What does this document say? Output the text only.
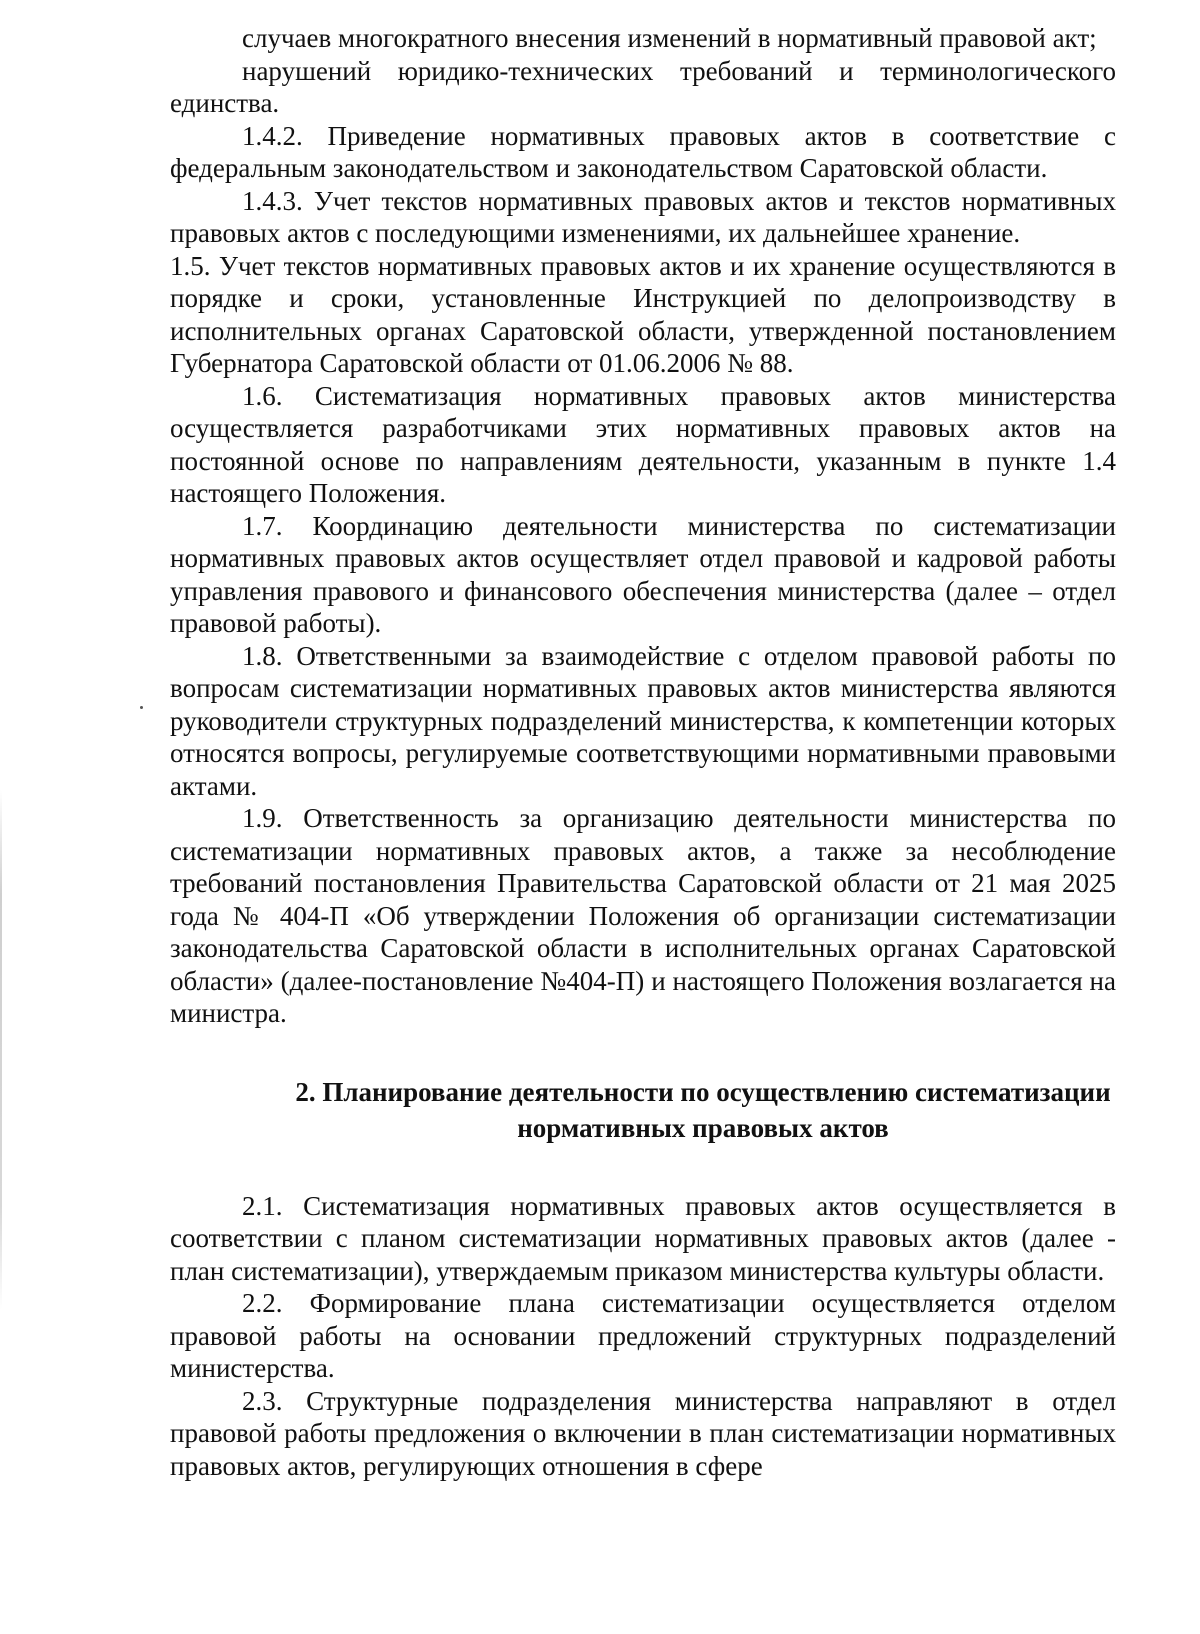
случаев многократного внесения изменений в нормативный правовой акт;

нарушений юридико-технических требований и терминологического единства.

1.4.2. Приведение нормативных правовых актов в соответствие с федеральным законодательством и законодательством Саратовской области.

1.4.3. Учет текстов нормативных правовых актов и текстов нормативных правовых актов с последующими изменениями, их дальнейшее хранение.

1.5. Учет текстов нормативных правовых актов и их хранение осуществляются в порядке и сроки, установленные Инструкцией по делопроизводству в исполнительных органах Саратовской области, утвержденной постановлением Губернатора Саратовской области от 01.06.2006 № 88.

1.6. Систематизация нормативных правовых актов министерства осуществляется разработчиками этих нормативных правовых актов на постоянной основе по направлениям деятельности, указанным в пункте 1.4 настоящего Положения.

1.7. Координацию деятельности министерства по систематизации нормативных правовых актов осуществляет отдел правовой и кадровой работы управления правового и финансового обеспечения министерства (далее – отдел правовой работы).

1.8. Ответственными за взаимодействие с отделом правовой работы по вопросам систематизации нормативных правовых актов министерства являются руководители структурных подразделений министерства, к компетенции которых относятся вопросы, регулируемые соответствующими нормативными правовыми актами.

1.9. Ответственность за организацию деятельности министерства по систематизации нормативных правовых актов, а также за несоблюдение требований постановления Правительства Саратовской области от 21 мая 2025 года № 404-П «Об утверждении Положения об организации систематизации законодательства Саратовской области в исполнительных органах Саратовской области» (далее-постановление №404-П) и настоящего Положения возлагается на министра.

2. Планирование деятельности по осуществлению систематизации
нормативных правовых актов

2.1. Систематизация нормативных правовых актов осуществляется в соответствии с планом систематизации нормативных правовых актов (далее - план систематизации), утверждаемым приказом министерства культуры области.

2.2. Формирование плана систематизации осуществляется отделом правовой работы на основании предложений структурных подразделений министерства.

2.3. Структурные подразделения министерства направляют в отдел правовой работы предложения о включении в план систематизации нормативных правовых актов, регулирующих отношения в сфере
